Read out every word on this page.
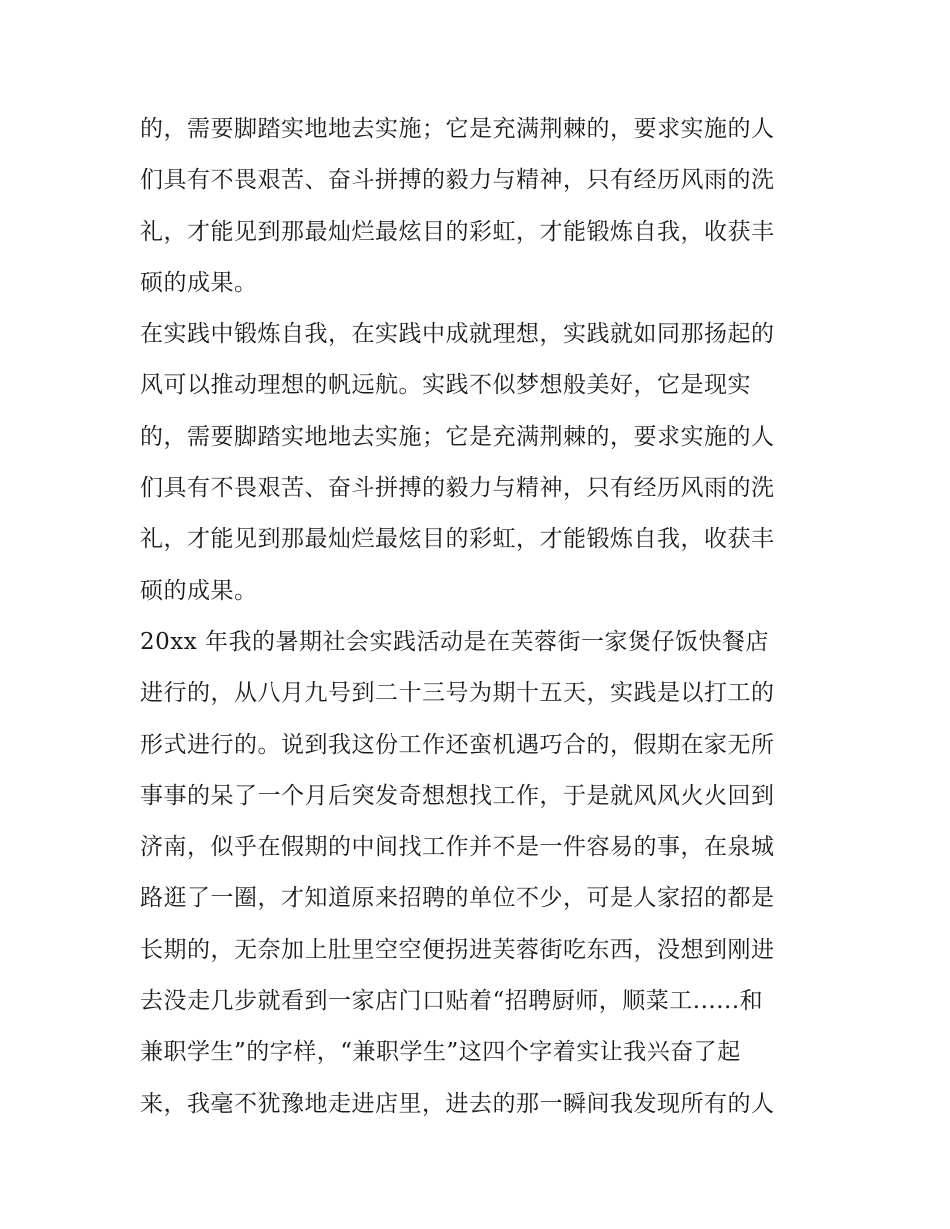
的，需要脚踏实地地去实施；它是充满荆棘的，要求实施的人
们具有不畏艰苦、奋斗拼搏的毅力与精神，只有经历风雨的洗
礼，才能见到那最灿烂最炫目的彩虹，才能锻炼自我，收获丰
硕的成果。
在实践中锻炼自我，在实践中成就理想，实践就如同那扬起的
风可以推动理想的帆远航。实践不似梦想般美好，它是现实
的，需要脚踏实地地去实施；它是充满荆棘的，要求实施的人
们具有不畏艰苦、奋斗拼搏的毅力与精神，只有经历风雨的洗
礼，才能见到那最灿烂最炫目的彩虹，才能锻炼自我，收获丰
硕的成果。
20xx 年我的暑期社会实践活动是在芙蓉街一家煲仔饭快餐店
进行的，从八月九号到二十三号为期十五天，实践是以打工的
形式进行的。说到我这份工作还蛮机遇巧合的，假期在家无所
事事的呆了一个月后突发奇想想找工作，于是就风风火火回到
济南，似乎在假期的中间找工作并不是一件容易的事，在泉城
路逛了一圈，才知道原来招聘的单位不少，可是人家招的都是
长期的，无奈加上肚里空空便拐进芙蓉街吃东西，没想到刚进
去没走几步就看到一家店门口贴着“招聘厨师，顺菜工......和
兼职学生”的字样，“兼职学生”这四个字着实让我兴奋了起
来，我毫不犹豫地走进店里，进去的那一瞬间我发现所有的人
